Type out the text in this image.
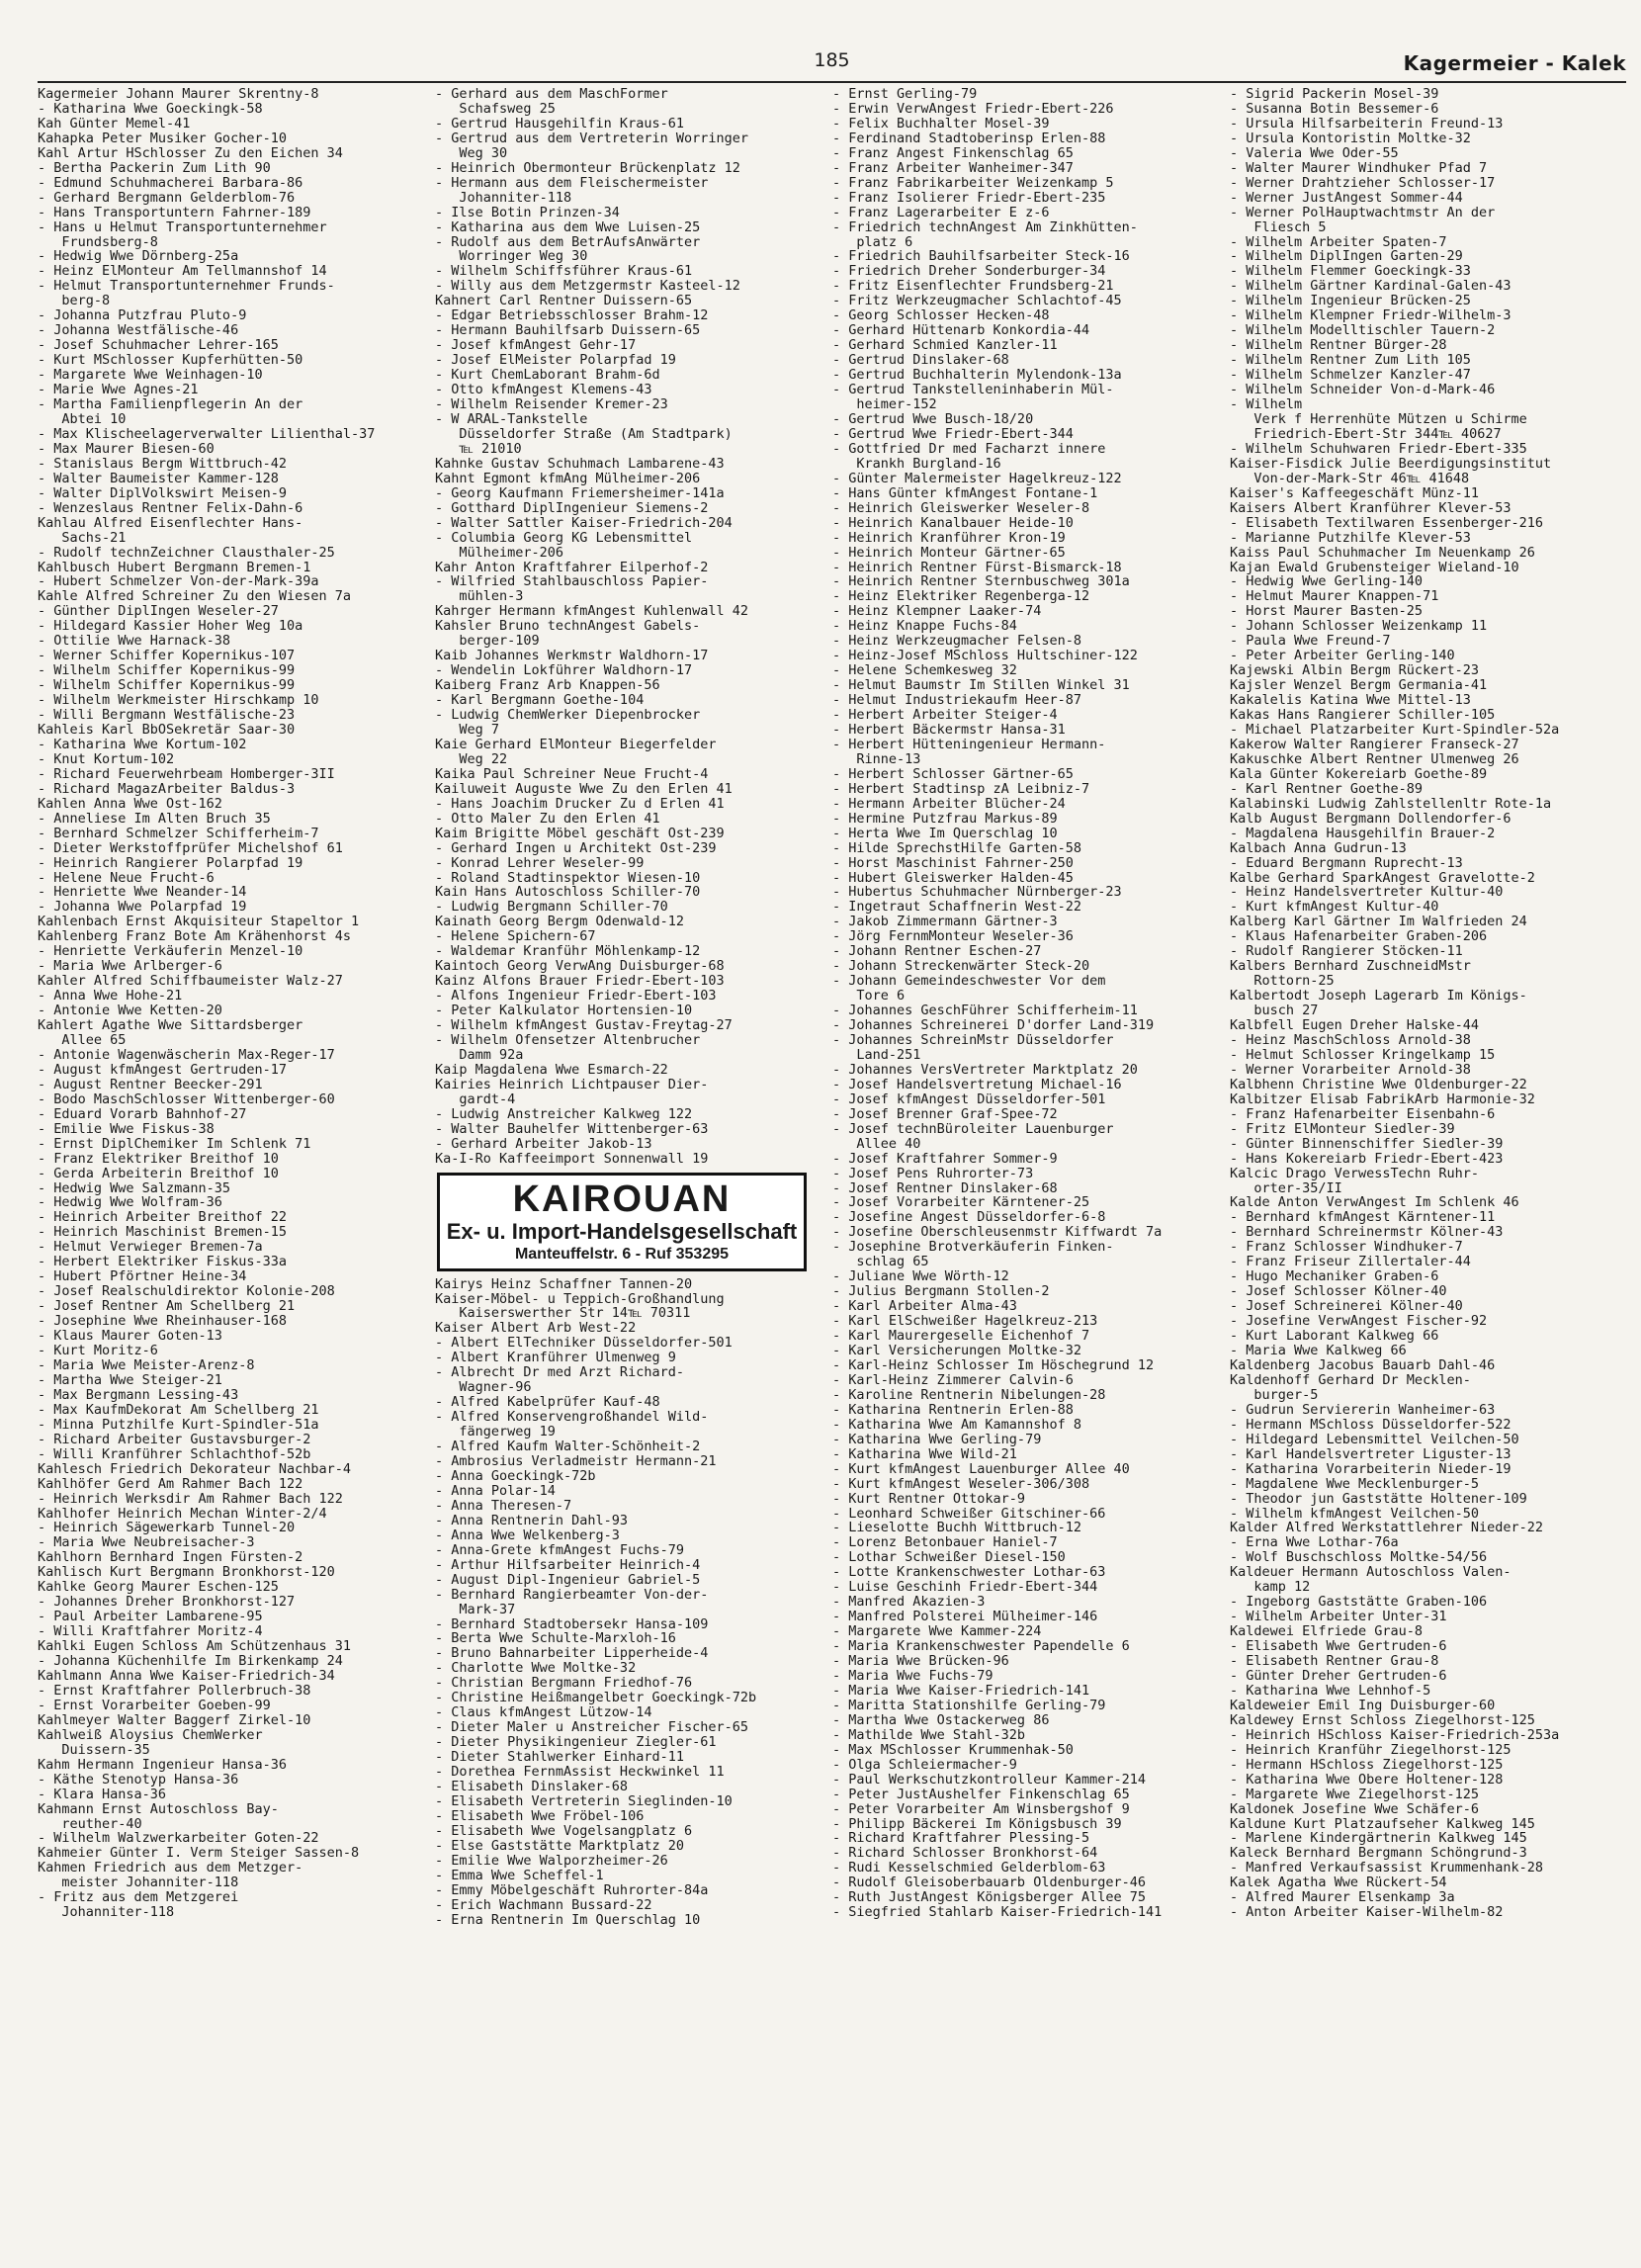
185	Kagermeier - Kalek
Kagermeier Johann Maurer Skrentny-8
- Katharina Wwe Goeckingk-58
Kah Günter Memel-41
Kahapka Peter Musiker Gocher-10
Kahl Artur HSchlosser Zu den Eichen 34
- Bertha Packerin Zum Lith 90
- Edmund Schuhmacherei Barbara-86
- Gerhard Bergmann Gelderblom-76
- Hans Transportuntern Fahrner-189
- Hans u Helmut Transportunternehmer
Frundsberg-8
- Hedwig Wwe Dörnberg-25a
- Heinz ElMonteur Am Tellmannshof 14
- Helmut Transportunternehmer Frunds-
berg-8
- Johanna Putzfrau Pluto-9
- Johanna Westfälische-46
- Josef Schuhmacher Lehrer-165
- Kurt MSchlosser Kupferhütten-50
- Margarete Wwe Weinhagen-10
- Marie Wwe Agnes-21
- Martha Familienpflegerin An der
Abtei 10
- Max Klischeelagerverwalter Lilienthal-37
- Max Maurer Biesen-60
- Stanislaus Bergm Wittbruch-42
- Walter Baumeister Kammer-128
- Walter DiplVolkswirt Meisen-9
- Wenzeslaus Rentner Felix-Dahn-6
Kahlau Alfred Eisenflechter Hans-
Sachs-21
- Rudolf technZeichner Clausthaler-25
Kahlbusch Hubert Bergmann Bremen-1
- Hubert Schmelzer Von-der-Mark-39a
Kahle Alfred Schreiner Zu den Wiesen 7a
- Günther DiplIngen Weseler-27
- Hildegard Kassier Hoher Weg 10a
- Ottilie Wwe Harnack-38
- Werner Schiffer Kopernikus-107
- Wilhelm Schiffer Kopernikus-99
- Wilhelm Schiffer Kopernikus-99
- Wilhelm Werkmeister Hirschkamp 10
- Willi Bergmann Westfälische-23
Kahleis Karl BbOSekretär Saar-30
- Katharina Wwe Kortum-102
- Knut Kortum-102
- Richard Feuerwehrbeam Homberger-3II
- Richard MagazArbeiter Baldus-3
Kahlen Anna Wwe Ost-162
- Anneliese Im Alten Bruch 35
- Bernhard Schmelzer Schifferheim-7
- Dieter Werkstoffprüfer Michelshof 61
- Heinrich Rangierer Polarpfad 19
- Helene Neue Frucht-6
- Henriette Wwe Neander-14
- Johanna Wwe Polarpfad 19
Kahlenbach Ernst Akquisiteur Stapeltor 1
Kahlenberg Franz Bote Am Krähenhorst 4s
- Henriette Verkäuferin Menzel-10
- Maria Wwe Arlberger-6
Kahler Alfred Schiffbaumeister Walz-27
- Anna Wwe Hohe-21
- Antonie Wwe Ketten-20
Kahlert Agathe Wwe Sittardsberger
Allee 65
- Antonie Wagenwäscherin Max-Reger-17
- August kfmAngest Gertruden-17
- August Rentner Beecker-291
- Bodo MaschSchlosser Wittenberger-60
- Eduard Vorarb Bahnhof-27
- Emilie Wwe Fiskus-38
- Ernst DiplChemiker Im Schlenk 71
- Franz Elektriker Breithof 10
- Gerda Arbeiterin Breithof 10
- Hedwig Wwe Salzmann-35
- Hedwig Wwe Wolfram-36
- Heinrich Arbeiter Breithof 22
- Heinrich Maschinist Bremen-15
- Helmut Verwieger Bremen-7a
- Herbert Elektriker Fiskus-33a
- Hubert Pförtner Heine-34
- Josef Realschuldirektor Kolonie-208
- Josef Rentner Am Schellberg 21
- Josephine Wwe Rheinhauser-168
- Klaus Maurer Goten-13
- Kurt Moritz-6
- Maria Wwe Meister-Arenz-8
- Martha Wwe Steiger-21
- Max Bergmann Lessing-43
- Max KaufmDekorat Am Schellberg 21
- Minna Putzhilfe Kurt-Spindler-51a
- Richard Arbeiter Gustavsburger-2
- Willi Kranführer Schlachthof-52b
Kahlesch Friedrich Dekorateur Nachbar-4
Kahlhöfer Gerd Am Rahmer Bach 122
- Heinrich Werksdir Am Rahmer Bach 122
Kahlhofer Heinrich Mechan Winter-2/4
- Heinrich Sägewerkarb Tunnel-20
- Maria Wwe Neubreisacher-3
Kahlhorn Bernhard Ingen Fürsten-2
Kahlisch Kurt Bergmann Bronkhorst-120
Kahlke Georg Maurer Eschen-125
- Johannes Dreher Bronkhorst-127
- Paul Arbeiter Lambarene-95
- Willi Kraftfahrer Moritz-4
Kahlki Eugen Schloss Am Schützenhaus 31
- Johanna Küchenhilfe Im Birkenkamp 24
Kahlmann Anna Wwe Kaiser-Friedrich-34
- Ernst Kraftfahrer Pollerbruch-38
- Ernst Vorarbeiter Goeben-99
Kahlmeyer Walter Baggerf Zirkel-10
Kahlweiß Aloysius ChemWerker
Duissern-35
Kahm Hermann Ingenieur Hansa-36
- Käthe Stenotyp Hansa-36
- Klara Hansa-36
Kahmann Ernst Autoschloss Bay-
reuther-40
- Wilhelm Walzwerkarbeiter Goten-22
Kahmeier Günter I. Verm Steiger Sassen-8
Kahmen Friedrich aus dem Metzger-
meister Johanniter-118
- Fritz aus dem Metzgerei
Johanniter-118
- Gerhard aus dem MaschFormer
Schafsweg 25
- Gertrud Hausgehilfin Kraus-61
- Gertrud aus dem Vertreterin Worringer
Weg 30
- Heinrich Obermonteur Brückenplatz 12
- Hermann aus dem Fleischermeister
Johanniter-118
- Ilse Botin Prinzen-34
- Katharina aus dem Wwe Luisen-25
- Rudolf aus dem BetrAufsAnwärter
Worringer Weg 30
- Wilhelm Schiffsführer Kraus-61
- Willy aus dem Metzgermstr Kasteel-12
Kahnert Carl Rentner Duissern-65
- Edgar Betriebsschlosser Brahm-12
- Hermann Bauhilfsarb Duissern-65
- Josef kfmAngest Gehr-17
- Josef ElMeister Polarpfad 19
- Kurt ChemLaborant Brahm-6d
- Otto kfmAngest Klemens-43
- Wilhelm Reisender Kremer-23
- W ARAL-Tankstelle
Düsseldorfer Straße (Am Stadtpark)
℡ 21010
Kahnke Gustav Schuhmach Lambarene-43
Kahnt Egmont kfmAng Mülheimer-206
- Georg Kaufmann Friemersheimer-141a
- Gotthard DiplIngenieur Siemens-2
- Walter Sattler Kaiser-Friedrich-204
- Columbia Georg KG Lebensmittel
Mülheimer-206
Kahr Anton Kraftfahrer Eilperhof-2
- Wilfried Stahlbauschloss Papier-
mühlen-3
Kahrger Hermann kfmAngest Kuhlenwall 42
Kahsler Bruno technAngest Gabels-
berger-109
Kaib Johannes Werkmstr Waldhorn-17
- Wendelin Lokführer Waldhorn-17
Kaiberg Franz Arb Knappen-56
- Karl Bergmann Goethe-104
- Ludwig ChemWerker Diepenbrocker
Weg 7
Kaie Gerhard ElMonteur Biegerfelder
Weg 22
Kaika Paul Schreiner Neue Frucht-4
Kailuweit Auguste Wwe Zu den Erlen 41
- Hans Joachim Drucker Zu d Erlen 41
- Otto Maler Zu den Erlen 41
Kaim Brigitte Möbel geschäft Ost-239
- Gerhard Ingen u Architekt Ost-239
- Konrad Lehrer Weseler-99
- Roland Stadtinspektor Wiesen-10
Kain Hans Autoschloss Schiller-70
- Ludwig Bergmann Schiller-70
Kainath Georg Bergm Odenwald-12
- Helene Spichern-67
- Waldemar Kranführ Möhlenkamp-12
Kaintoch Georg VerwAng Duisburger-68
Kainz Alfons Brauer Friedr-Ebert-103
- Alfons Ingenieur Friedr-Ebert-103
- Peter Kalkulator Hortensien-10
- Wilhelm kfmAngest Gustav-Freytag-27
- Wilhelm Ofensetzer Altenbrucher
Damm 92a
Kaip Magdalena Wwe Esmarch-22
Kairies Heinrich Lichtpauser Dier-
gardt-4
- Ludwig Anstreicher Kalkweg 122
- Walter Bauhelfer Wittenberger-63
- Gerhard Arbeiter Jakob-13
Ka-I-Ro Kaffeeimport Sonnenwall 19
KAIROUAN
Ex- u. Import-Handelsgesellschaft
Manteuffelstr. 6 - Ruf 353295
Kairys Heinz Schaffner Tannen-20
Kaiser-Möbel- u Teppich-Großhandlung
Kaiserswerther Str 14℡ 70311
Kaiser Albert Arb West-22
- Albert ElTechniker Düsseldorfer-501
- Albert Kranführer Ulmenweg 9
- Albrecht Dr med Arzt Richard-
Wagner-96
- Alfred Kabelprüfer Kauf-48
- Alfred Konservengroßhandel Wild-
fängerweg 19
- Alfred Kaufm Walter-Schönheit-2
- Ambrosius Verladmeistr Hermann-21
- Anna Goeckingk-72b
- Anna Polar-14
- Anna Theresen-7
- Anna Rentnerin Dahl-93
- Anna Wwe Welkenberg-3
- Anna-Grete kfmAngest Fuchs-79
- Arthur Hilfsarbeiter Heinrich-4
- August Dipl-Ingenieur Gabriel-5
- Bernhard Rangierbeamter Von-der-
Mark-37
- Bernhard Stadtobersekr Hansa-109
- Berta Wwe Schulte-Marxloh-16
- Bruno Bahnarbeiter Lipperheide-4
- Charlotte Wwe Moltke-32
- Christian Bergmann Friedhof-76
- Christine Heißmangelbetr Goeckingk-72b
- Claus kfmAngest Lützow-14
- Dieter Maler u Anstreicher Fischer-65
- Dieter Physikingenieur Ziegler-61
- Dieter Stahlwerker Einhard-11
- Dorethea FernmAssist Heckwinkel 11
- Elisabeth Dinslaker-68
- Elisabeth Vertreterin Sieglinden-10
- Elisabeth Wwe Fröbel-106
- Elisabeth Wwe Vogelsangplatz 6
- Else Gaststätte Marktplatz 20
- Emilie Wwe Walporzheimer-26
- Emma Wwe Scheffel-1
- Emmy Möbelgeschäft Ruhrorter-84a
- Erich Wachmann Bussard-22
- Erna Rentnerin Im Querschlag 10
- Ernst Gerling-79
- Erwin VerwAngest Friedr-Ebert-226
- Felix Buchhalter Mosel-39
- Ferdinand Stadtoberinsp Erlen-88
- Franz Angest Finkenschlag 65
- Franz Arbeiter Wanheimer-347
- Franz Fabrikarbeiter Weizenkamp 5
- Franz Isolierer Friedr-Ebert-235
- Franz Lagerarbeiter E z-6
- Friedrich technAngest Am Zinkhütten-
platz 6
- Friedrich Bauhilfsarbeiter Steck-16
- Friedrich Dreher Sonderburger-34
- Fritz Eisenflechter Frundsberg-21
- Fritz Werkzeugmacher Schlachtof-45
- Georg Schlosser Hecken-48
- Gerhard Hüttenarb Konkordia-44
- Gerhard Schmied Kanzler-11
- Gertrud Dinslaker-68
- Gertrud Buchhalterin Mylendonk-13a
- Gertrud Tankstelleninhaberin Mül-
heimer-152
- Gertrud Wwe Busch-18/20
- Gertrud Wwe Friedr-Ebert-344
- Gottfried Dr med Facharzt innere
Krankh Burgland-16
- Günter Malermeister Hagelkreuz-122
- Hans Günter kfmAngest Fontane-1
- Heinrich Gleiswerker Weseler-8
- Heinrich Kanalbauer Heide-10
- Heinrich Kranführer Kron-19
- Heinrich Monteur Gärtner-65
- Heinrich Rentner Fürst-Bismarck-18
- Heinrich Rentner Sternbuschweg 301a
- Heinz Elektriker Regenberga-12
- Heinz Klempner Laaker-74
- Heinz Knappe Fuchs-84
- Heinz Werkzeugmacher Felsen-8
- Heinz-Josef MSchloss Hultschiner-122
- Helene Schemkesweg 32
- Helmut Baumstr Im Stillen Winkel 31
- Helmut Industriekaufm Heer-87
- Herbert Arbeiter Steiger-4
- Herbert Bäckermstr Hansa-31
- Herbert Hütteningenieur Hermann-
Rinne-13
- Herbert Schlosser Gärtner-65
- Herbert Stadtinsp zA Leibniz-7
- Hermann Arbeiter Blücher-24
- Hermine Putzfrau Markus-89
- Herta Wwe Im Querschlag 10
- Hilde SprechstHilfe Garten-58
- Horst Maschinist Fahrner-250
- Hubert Gleiswerker Halden-45
- Hubertus Schuhmacher Nürnberger-23
- Ingetraut Schaffnerin West-22
- Jakob Zimmermann Gärtner-3
- Jörg FernmMonteur Weseler-36
- Johann Rentner Eschen-27
- Johann Streckenwärter Steck-20
- Johann Gemeindeschwester Vor dem
Tore 6
- Johannes GeschFührer Schifferheim-11
- Johannes Schreinerei D'dorfer Land-319
- Johannes SchreinMstr Düsseldorfer
Land-251
- Johannes VersVertreter Marktplatz 20
- Josef Handelsvertretung Michael-16
- Josef kfmAngest Düsseldorfer-501
- Josef Brenner Graf-Spee-72
- Josef technBüroleiter Lauenburger
Allee 40
- Josef Kraftfahrer Sommer-9
- Josef Pens Ruhrorter-73
- Josef Rentner Dinslaker-68
- Josef Vorarbeiter Kärntener-25
- Josefine Angest Düsseldorfer-6-8
- Josefine Oberschleusenmstr Kiffwardt 7a
- Josephine Brotverkäuferin Finken-
schlag 65
- Juliane Wwe Wörth-12
- Julius Bergmann Stollen-2
- Karl Arbeiter Alma-43
- Karl ElSchweißer Hagelkreuz-213
- Karl Maurergeselle Eichenhof 7
- Karl Versicherungen Moltke-32
- Karl-Heinz Schlosser Im Höschegrund 12
- Karl-Heinz Zimmerer Calvin-6
- Karoline Rentnerin Nibelungen-28
- Katharina Rentnerin Erlen-88
- Katharina Wwe Am Kamannshof 8
- Katharina Wwe Gerling-79
- Katharina Wwe Wild-21
- Kurt kfmAngest Lauenburger Allee 40
- Kurt kfmAngest Weseler-306/308
- Kurt Rentner Ottokar-9
- Leonhard Schweißer Gitschiner-66
- Lieselotte Buchh Wittbruch-12
- Lorenz Betonbauer Haniel-7
- Lothar Schweißer Diesel-150
- Lotte Krankenschwester Lothar-63
- Luise Geschinh Friedr-Ebert-344
- Manfred Akazien-3
- Manfred Polsterei Mülheimer-146
- Margarete Wwe Kammer-224
- Maria Krankenschwester Papendelle 6
- Maria Wwe Brücken-96
- Maria Wwe Fuchs-79
- Maria Wwe Kaiser-Friedrich-141
- Maritta Stationshilfe Gerling-79
- Martha Wwe Ostackerweg 86
- Mathilde Wwe Stahl-32b
- Max MSchlosser Krummenhak-50
- Olga Schleiermacher-9
- Paul Werkschutzkontrolleur Kammer-214
- Peter JustAushelfer Finkenschlag 65
- Peter Vorarbeiter Am Winsbergshof 9
- Philipp Bäckerei Im Königsbusch 39
- Richard Kraftfahrer Plessing-5
- Richard Schlosser Bronkhorst-64
- Rudi Kesselschmied Gelderblom-63
- Rudolf Gleisoberbauarb Oldenburger-46
- Ruth JustAngest Königsberger Allee 75
- Siegfried Stahlarb Kaiser-Friedrich-141
- Sigrid Packerin Mosel-39
- Susanna Botin Bessemer-6
- Ursula Hilfsarbeiterin Freund-13
- Ursula Kontoristin Moltke-32
- Valeria Wwe Oder-55
- Walter Maurer Windhuker Pfad 7
- Werner Drahtzieher Schlosser-17
- Werner JustAngest Sommer-44
- Werner PolHauptwachtmstr An der
Fliesch 5
- Wilhelm Arbeiter Spaten-7
- Wilhelm DiplIngen Garten-29
- Wilhelm Flemmer Goeckingk-33
- Wilhelm Gärtner Kardinal-Galen-43
- Wilhelm Ingenieur Brücken-25
- Wilhelm Klempner Friedr-Wilhelm-3
- Wilhelm Modelltischler Tauern-2
- Wilhelm Rentner Bürger-28
- Wilhelm Rentner Zum Lith 105
- Wilhelm Schmelzer Kanzler-47
- Wilhelm Schneider Von-d-Mark-46
- Wilhelm
Verk f Herrenhüte Mützen u Schirme
Friedrich-Ebert-Str 344℡ 40627
- Wilhelm Schuhwaren Friedr-Ebert-335
Kaiser-Fisdick Julie Beerdigungsinstitut
Von-der-Mark-Str 46℡ 41648
Kaiser's Kaffeegeschäft Münz-11
Kaisers Albert Kranführer Klever-53
- Elisabeth Textilwaren Essenberger-216
- Marianne Putzhilfe Klever-53
Kaiss Paul Schuhmacher Im Neuenkamp 26
Kajan Ewald Grubensteiger Wieland-10
- Hedwig Wwe Gerling-140
- Helmut Maurer Knappen-71
- Horst Maurer Basten-25
- Johann Schlosser Weizenkamp 11
- Paula Wwe Freund-7
- Peter Arbeiter Gerling-140
Kajewski Albin Bergm Rückert-23
Kajsler Wenzel Bergm Germania-41
Kakalelis Katina Wwe Mittel-13
Kakas Hans Rangierer Schiller-105
- Michael Platzarbeiter Kurt-Spindler-52a
Kakerow Walter Rangierer Franseck-27
Kakuschke Albert Rentner Ulmenweg 26
Kala Günter Kokereiarb Goethe-89
- Karl Rentner Goethe-89
Kalabinski Ludwig Zahlstellenltr Rote-1a
Kalb August Bergmann Dollendorfer-6
- Magdalena Hausgehilfin Brauer-2
Kalbach Anna Gudrun-13
- Eduard Bergmann Ruprecht-13
Kalbe Gerhard SparkAngest Gravelotte-2
- Heinz Handelsvertreter Kultur-40
- Kurt kfmAngest Kultur-40
Kalberg Karl Gärtner Im Walfrieden 24
- Klaus Hafenarbeiter Graben-206
- Rudolf Rangierer Stöcken-11
Kalbers Bernhard ZuschneidMstr
Rottorn-25
Kalbertodt Joseph Lagerarb Im Königs-
busch 27
Kalbfell Eugen Dreher Halske-44
- Heinz MaschSchloss Arnold-38
- Helmut Schlosser Kringelkamp 15
- Werner Vorarbeiter Arnold-38
Kalbhenn Christine Wwe Oldenburger-22
Kalbitzer Elisab FabrikArb Harmonie-32
- Franz Hafenarbeiter Eisenbahn-6
- Fritz ElMonteur Siedler-39
- Günter Binnenschiffer Siedler-39
- Hans Kokereiarb Friedr-Ebert-423
Kalcic Drago VerwessTechn Ruhr-
orter-35/II
Kalde Anton VerwAngest Im Schlenk 46
- Bernhard kfmAngest Kärntener-11
- Bernhard Schreinermstr Kölner-43
- Franz Schlosser Windhuker-7
- Franz Friseur Zillertaler-44
- Hugo Mechaniker Graben-6
- Josef Schlosser Kölner-40
- Josef Schreinerei Kölner-40
- Josefine VerwAngest Fischer-92
- Kurt Laborant Kalkweg 66
- Maria Wwe Kalkweg 66
Kaldenberg Jacobus Bauarb Dahl-46
Kaldenhoff Gerhard Dr Mecklen-
burger-5
- Gudrun Serviererin Wanheimer-63
- Hermann MSchloss Düsseldorfer-522
- Hildegard Lebensmittel Veilchen-50
- Karl Handelsvertreter Liguster-13
- Katharina Vorarbeiterin Nieder-19
- Magdalene Wwe Mecklenburger-5
- Theodor jun Gaststätte Holtener-109
- Wilhelm kfmAngest Veilchen-50
Kalder Alfred Werkstattlehrer Nieder-22
- Erna Wwe Lothar-76a
- Wolf Buschschloss Moltke-54/56
Kaldeuer Hermann Autoschloss Valen-
kamp 12
- Ingeborg Gaststätte Graben-106
- Wilhelm Arbeiter Unter-31
Kaldewei Elfriede Grau-8
- Elisabeth Wwe Gertruden-6
- Elisabeth Rentner Grau-8
- Günter Dreher Gertruden-6
- Katharina Wwe Lehnhof-5
Kaldeweier Emil Ing Duisburger-60
Kaldewey Ernst Schloss Ziegelhorst-125
- Heinrich HSchloss Kaiser-Friedrich-253a
- Heinrich Kranführ Ziegelhorst-125
- Hermann HSchloss Ziegelhorst-125
- Katharina Wwe Obere Holtener-128
- Margarete Wwe Ziegelhorst-125
Kaldonek Josefine Wwe Schäfer-6
Kaldune Kurt Platzaufseher Kalkweg 145
- Marlene Kindergärtnerin Kalkweg 145
Kaleck Bernhard Bergmann Schöngrund-3
- Manfred Verkaufsassist Krummenhank-28
Kalek Agatha Wwe Rückert-54
- Alfred Maurer Elsenkamp 3a
- Anton Arbeiter Kaiser-Wilhelm-82
